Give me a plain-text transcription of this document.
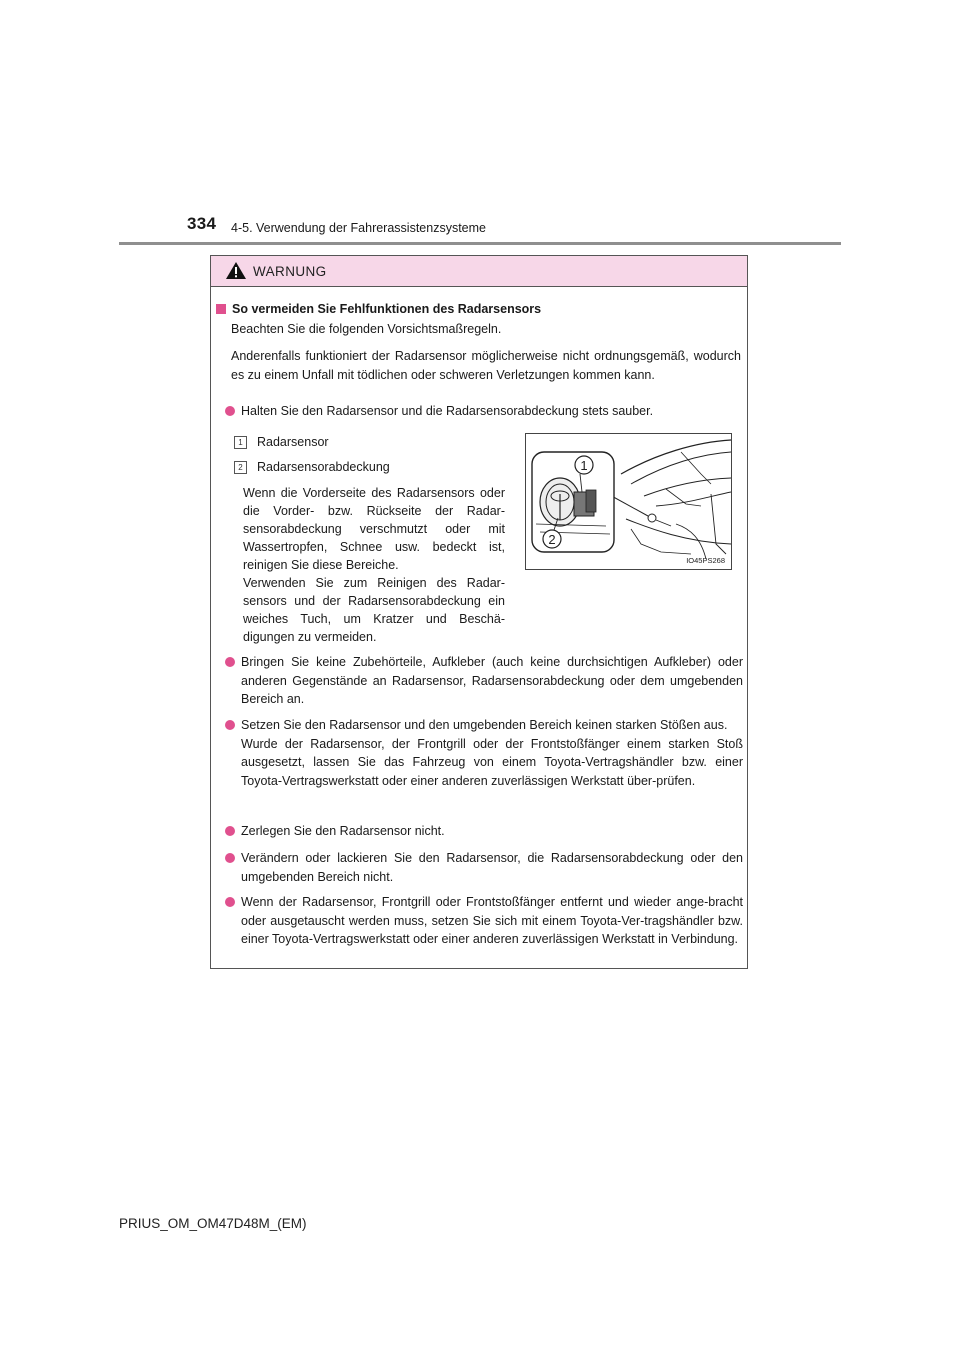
334 4-5. Verwendung der Fahrerassistenzsysteme
WARNUNG
So vermeiden Sie Fehlfunktionen des Radarsensors
Beachten Sie die folgenden Vorsichtsmaßregeln.
Anderenfalls funktioniert der Radarsensor möglicherweise nicht ordnungsgemäß, wodurch es zu einem Unfall mit tödlichen oder schweren Verletzungen kommen kann.
Halten Sie den Radarsensor und die Radarsensorabdeckung stets sauber.
1	Radarsensor
2	Radarsensorabdeckung
Wenn die Vorderseite des Radarsensors oder die Vorder- bzw. Rückseite der Radar-sensorabdeckung verschmutzt oder mit Wassertropfen, Schnee usw. bedeckt ist, reinigen Sie diese Bereiche.
Verwenden Sie zum Reinigen des Radar-sensors und der Radarsensorabdeckung ein weiches Tuch, um Kratzer und Beschä-digungen zu vermeiden.
1
2
IO45PS268
Bringen Sie keine Zubehörteile, Aufkleber (auch keine durchsichtigen Aufkleber) oder anderen Gegenstände an Radarsensor, Radarsensorabdeckung oder dem umgebenden Bereich an.
Setzen Sie den Radarsensor und den umgebenden Bereich keinen starken Stößen aus.
Wurde der Radarsensor, der Frontgrill oder der Frontstoßfänger einem starken Stoß ausgesetzt, lassen Sie das Fahrzeug von einem Toyota-Vertragshändler bzw. einer Toyota-Vertragswerkstatt oder einer anderen zuverlässigen Werkstatt über-prüfen.
Zerlegen Sie den Radarsensor nicht.
Verändern oder lackieren Sie den Radarsensor, die Radarsensorabdeckung oder den umgebenden Bereich nicht.
Wenn der Radarsensor, Frontgrill oder Frontstoßfänger entfernt und wieder ange-bracht oder ausgetauscht werden muss, setzen Sie sich mit einem Toyota-Ver-tragshändler bzw. einer Toyota-Vertragswerkstatt oder einer anderen zuverlässigen Werkstatt in Verbindung.
PRIUS_OM_OM47D48M_(EM)
